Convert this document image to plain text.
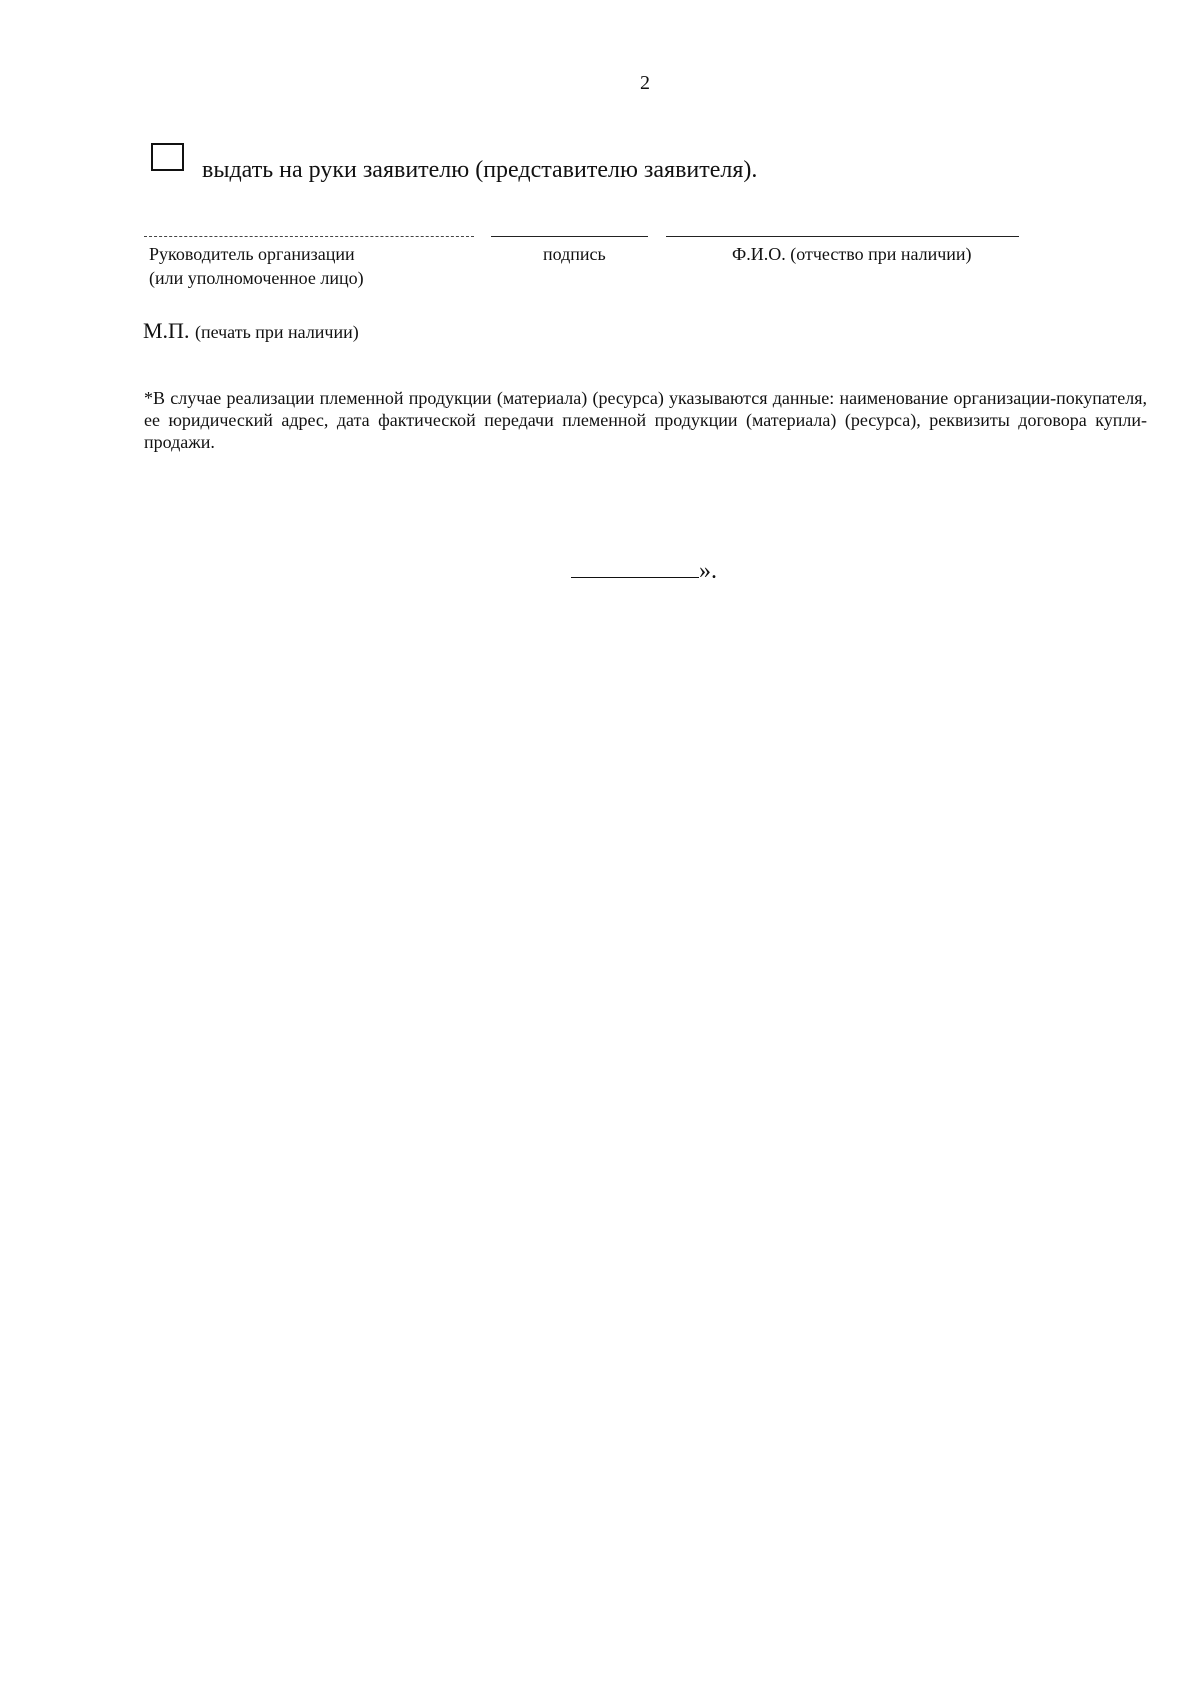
2
выдать на руки заявителю (представителю заявителя).
Руководитель организации
(или уполномоченное лицо)
подпись	Ф.И.О. (отчество при наличии)
М.П. (печать при наличии)
*В случае реализации племенной продукции (материала) (ресурса) указываются данные: наименование организации-покупателя, ее юридический адрес, дата фактической передачи племенной продукции (материала) (ресурса), реквизиты договора купли-продажи.
».
